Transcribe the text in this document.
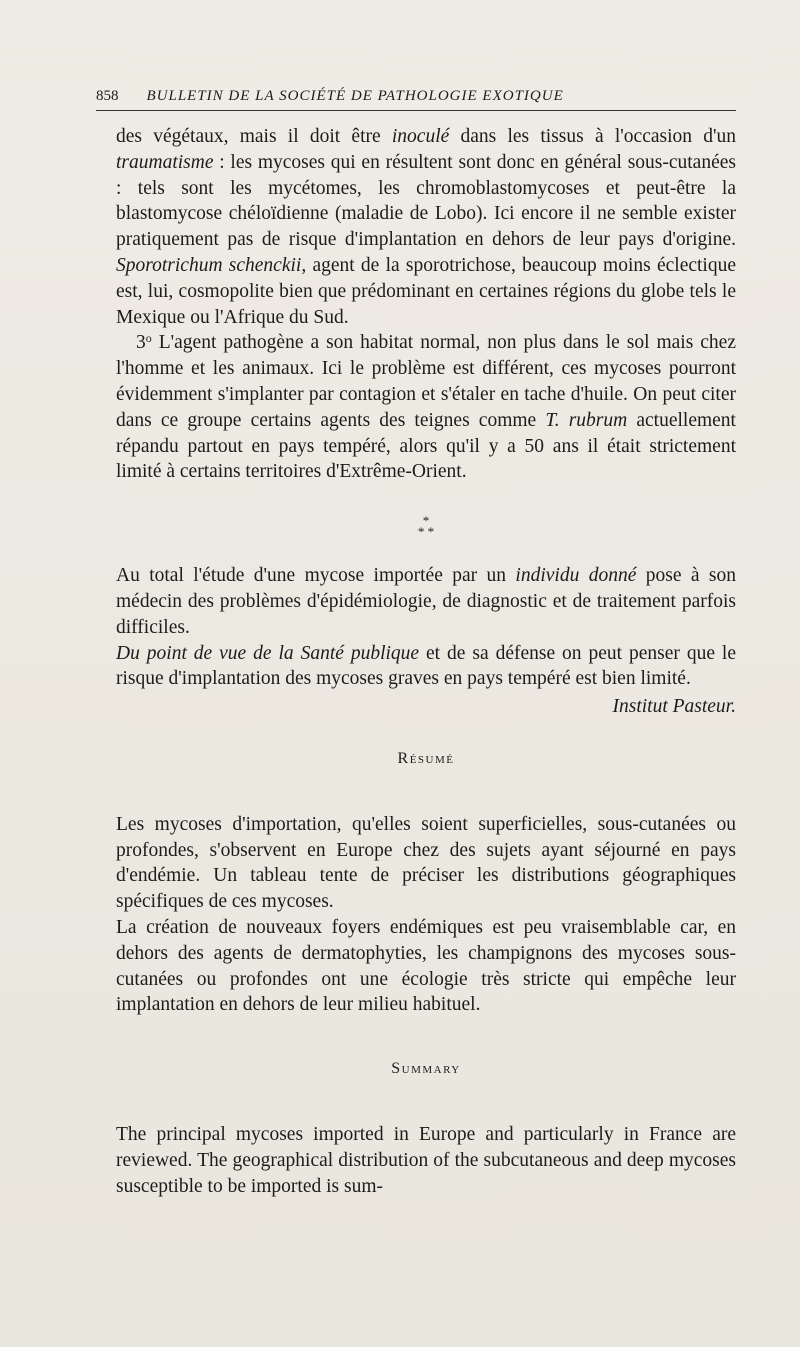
858 BULLETIN DE LA SOCIÉTÉ DE PATHOLOGIE EXOTIQUE

des végétaux, mais il doit être inoculé dans les tissus à l'occasion d'un traumatisme : les mycoses qui en résultent sont donc en général sous-cutanées : tels sont les mycétomes, les chromoblastomycoses et peut-être la blastomycose chéloïdienne (maladie de Lobo). Ici encore il ne semble exister pratiquement pas de risque d'implantation en dehors de leur pays d'origine. Sporotrichum schenckii, agent de la sporotrichose, beaucoup moins éclectique est, lui, cosmopolite bien que prédominant en certaines régions du globe tels le Mexique ou l'Afrique du Sud.

3$^o$ L'agent pathogène a son habitat normal, non plus dans le sol mais chez l'homme et les animaux. Ici le problème est différent, ces mycoses pourront évidemment s'implanter par contagion et s'étaler en tache d'huile. On peut citer dans ce groupe certains agents des teignes comme T. rubrum actuellement répandu partout en pays tempéré, alors qu'il y a 50 ans il était strictement limité à certains territoires d'Extrême-Orient.

*
* *

Au total l'étude d'une mycose importée par un individu donné pose à son médecin des problèmes d'épidémiologie, de diagnostic et de traitement parfois difficiles.

Du point de vue de la Santé publique et de sa défense on peut penser que le risque d'implantation des mycoses graves en pays tempéré est bien limité.

Institut Pasteur.
Résumé

Les mycoses d'importation, qu'elles soient superficielles, sous-cutanées ou profondes, s'observent en Europe chez des sujets ayant séjourné en pays d'endémie. Un tableau tente de préciser les distributions géographiques spécifiques de ces mycoses.

La création de nouveaux foyers endémiques est peu vraisemblable car, en dehors des agents de dermatophyties, les champignons des mycoses sous-cutanées ou profondes ont une écologie très stricte qui empêche leur implantation en dehors de leur milieu habituel.

Summary

The principal mycoses imported in Europe and particularly in France are reviewed. The geographical distribution of the subcutaneous and deep mycoses susceptible to be imported is sum-
